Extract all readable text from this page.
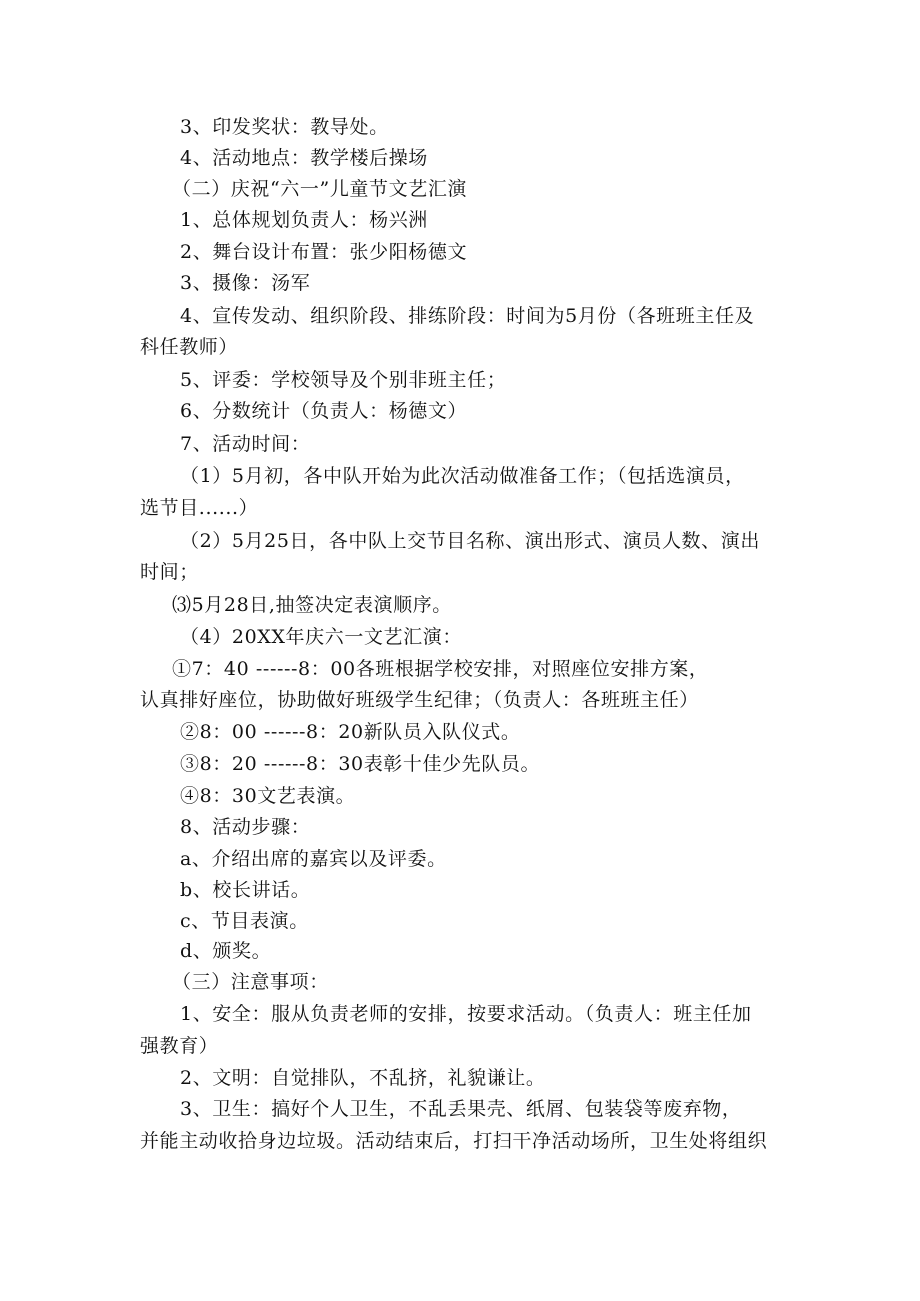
3、印发奖状：教导处。
4、活动地点：教学楼后操场
（二）庆祝“六一”儿童节文艺汇演
1、总体规划负责人：杨兴洲
2、舞台设计布置：张少阳杨德文
3、摄像：汤军
4、宣传发动、组织阶段、排练阶段：时间为5月份（各班班主任及
科任教师）
5、评委：学校领导及个别非班主任；
6、分数统计（负责人：杨德文）
7、活动时间：
（1）5月初，各中队开始为此次活动做准备工作；（包括选演员，
选节目......）
（2）5月25日，各中队上交节目名称、演出形式、演员人数、演出
时间；
⑶5月28日,抽签决定表演顺序。
（4）20XX年庆六一文艺汇演：
①7：40 ------8：00各班根据学校安排，对照座位安排方案，
认真排好座位，协助做好班级学生纪律；（负责人：各班班主任）
②8：00 ------8：20新队员入队仪式。
③8：20 ------8：30表彰十佳少先队员。
④8：30文艺表演。
8、活动步骤：
a、介绍出席的嘉宾以及评委。
b、校长讲话。
c、节目表演。
d、颁奖。
（三）注意事项：
1、安全：服从负责老师的安排，按要求活动。（负责人：班主任加
强教育）
2、文明：自觉排队，不乱挤，礼貌谦让。
3、卫生：搞好个人卫生，不乱丢果壳、纸屑、包装袋等废弃物，
并能主动收拾身边垃圾。活动结束后，打扫干净活动场所，卫生处将组织
